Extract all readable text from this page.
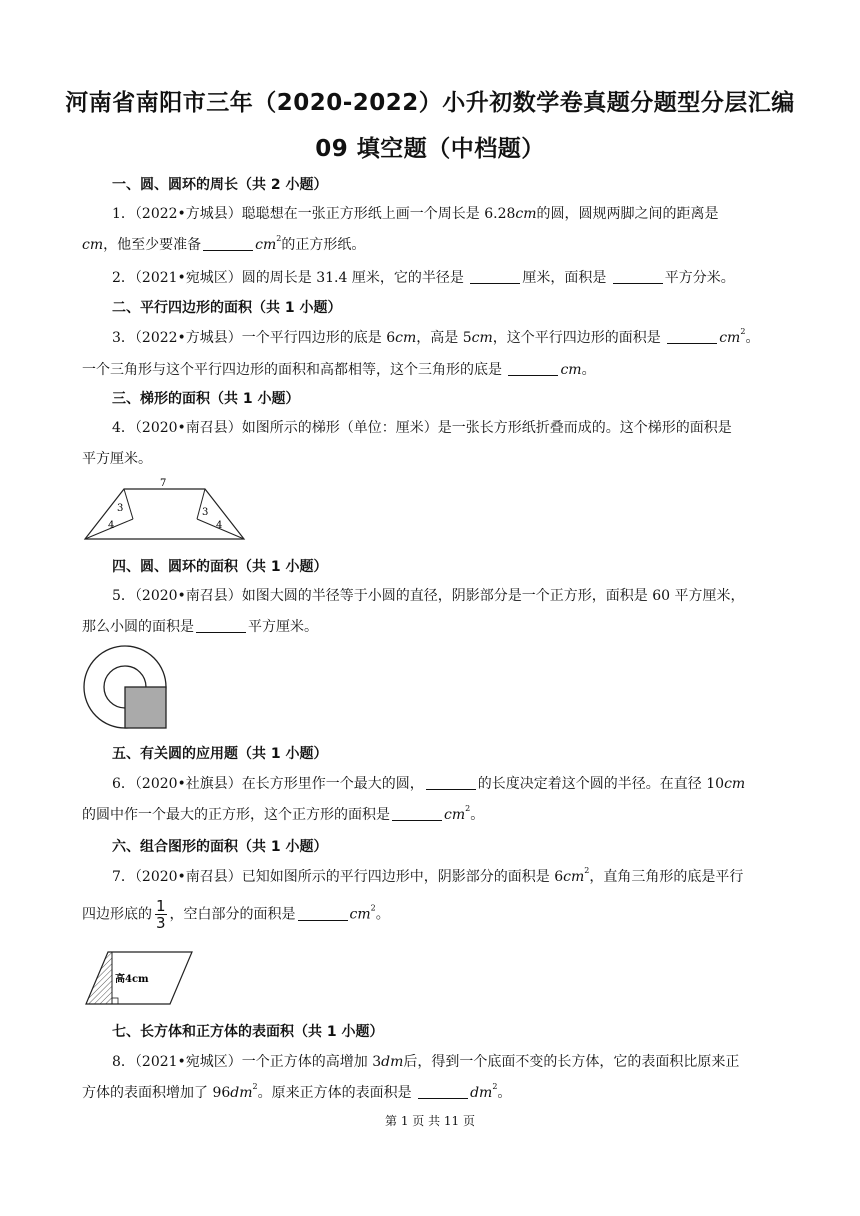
河南省南阳市三年（2020-2022）小升初数学卷真题分题型分层汇编
09 填空题（中档题）
一、圆、圆环的周长（共 2 小题）
1．（2022•方城县）聪聪想在一张正方形纸上画一个周长是 6.28cm的圆，圆规两脚之间的距离是
cm，他至少要准备	$cm^2$的正方形纸。
2．（2021•宛城区）圆的周长是 31.4 厘米，它的半径是	厘米，面积是	平方分米。
二、平行四边形的面积（共 1 小题）
3．（2022•方城县）一个平行四边形的底是 6cm，高是 5cm，这个平行四边形的面积是	$cm^2$。
一个三角形与这个平行四边形的面积和高都相等，这个三角形的底是	cm。
三、梯形的面积（共 1 小题）
4．（2020•南召县）如图所示的梯形（单位：厘米）是一张长方形纸折叠而成的。这个梯形的面积是
平方厘米。
7
3
4
3
4
四、圆、圆环的面积（共 1 小题）
5．（2020•南召县）如图大圆的半径等于小圆的直径，阴影部分是一个正方形，面积是 60 平方厘米，
那么小圆的面积是	平方厘米。
五、有关圆的应用题（共 1 小题）
6．（2020•社旗县）在长方形里作一个最大的圆，	的长度决定着这个圆的半径。在直径 10cm
的圆中作一个最大的正方形，这个正方形的面积是	$cm^2$。
六、组合图形的面积（共 1 小题）
7．（2020•南召县）已知如图所示的平行四边形中，阴影部分的面积是 $6cm^2$，直角三角形的底是平行
四边形底的 $\frac{1}{3}$ ，空白部分的面积是	$cm^2$。
高4cm
七、长方体和正方体的表面积（共 1 小题）
8．（2021•宛城区）一个正方体的高增加 3dm后，得到一个底面不变的长方体，它的表面积比原来正
方体的表面积增加了 $96dm^2$。原来正方体的表面积是	$dm^2$。
第 1 页 共 11 页
